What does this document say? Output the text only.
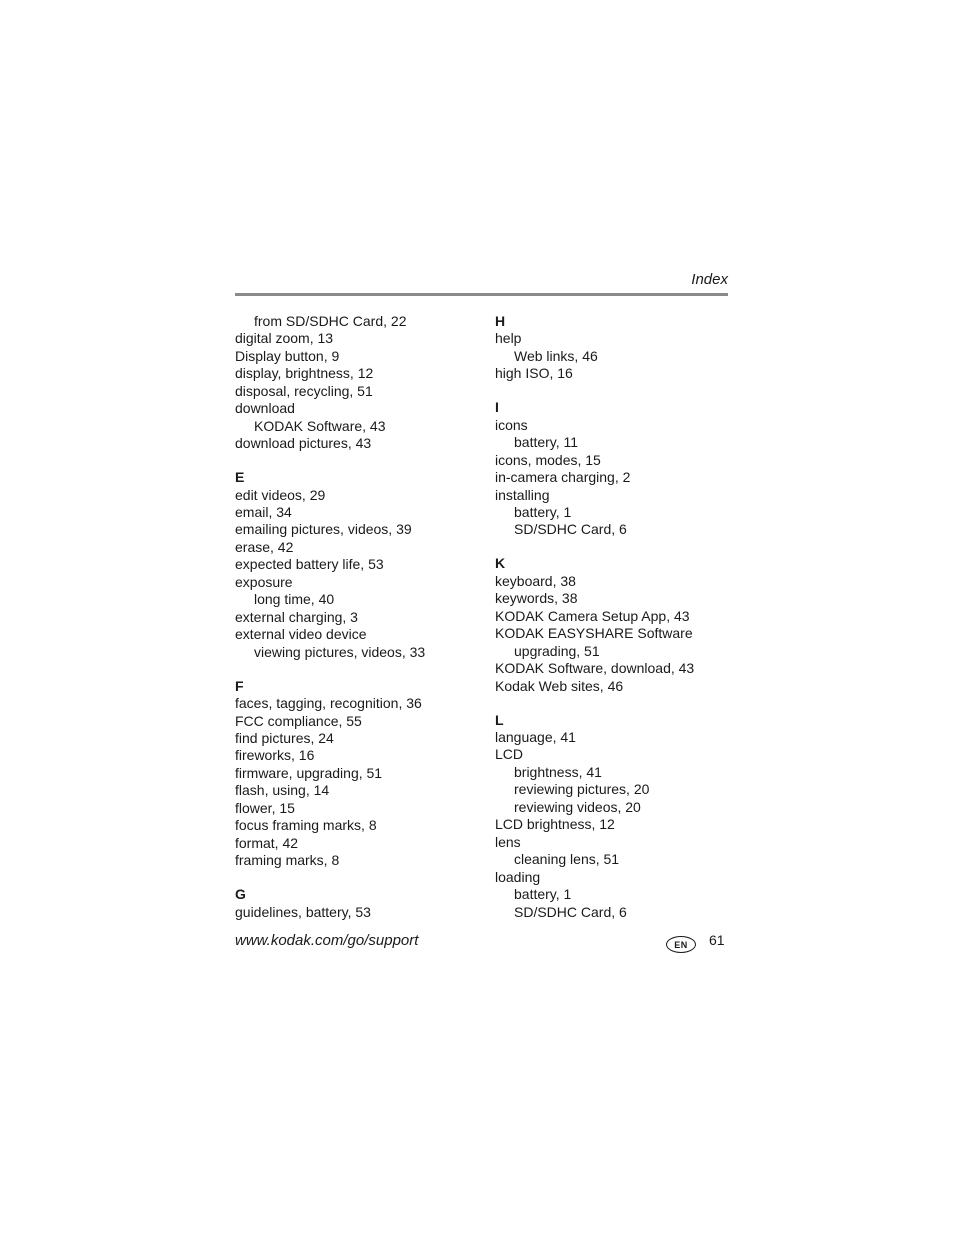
Index
from SD/SDHC Card, 22
digital zoom, 13
Display button, 9
display, brightness, 12
disposal, recycling, 51
download
KODAK Software, 43
download pictures, 43
E
edit videos, 29
email, 34
emailing pictures, videos, 39
erase, 42
expected battery life, 53
exposure
long time, 40
external charging, 3
external video device
viewing pictures, videos, 33
F
faces, tagging, recognition, 36
FCC compliance, 55
find pictures, 24
fireworks, 16
firmware, upgrading, 51
flash, using, 14
flower, 15
focus framing marks, 8
format, 42
framing marks, 8
G
guidelines, battery, 53
H
help
Web links, 46
high ISO, 16
I
icons
battery, 11
icons, modes, 15
in-camera charging, 2
installing
battery, 1
SD/SDHC Card, 6
K
keyboard, 38
keywords, 38
KODAK Camera Setup App, 43
KODAK EASYSHARE Software
upgrading, 51
KODAK Software, download, 43
Kodak Web sites, 46
L
language, 41
LCD
brightness, 41
reviewing pictures, 20
reviewing videos, 20
LCD brightness, 12
lens
cleaning lens, 51
loading
battery, 1
SD/SDHC Card, 6
www.kodak.com/go/support	EN	61
